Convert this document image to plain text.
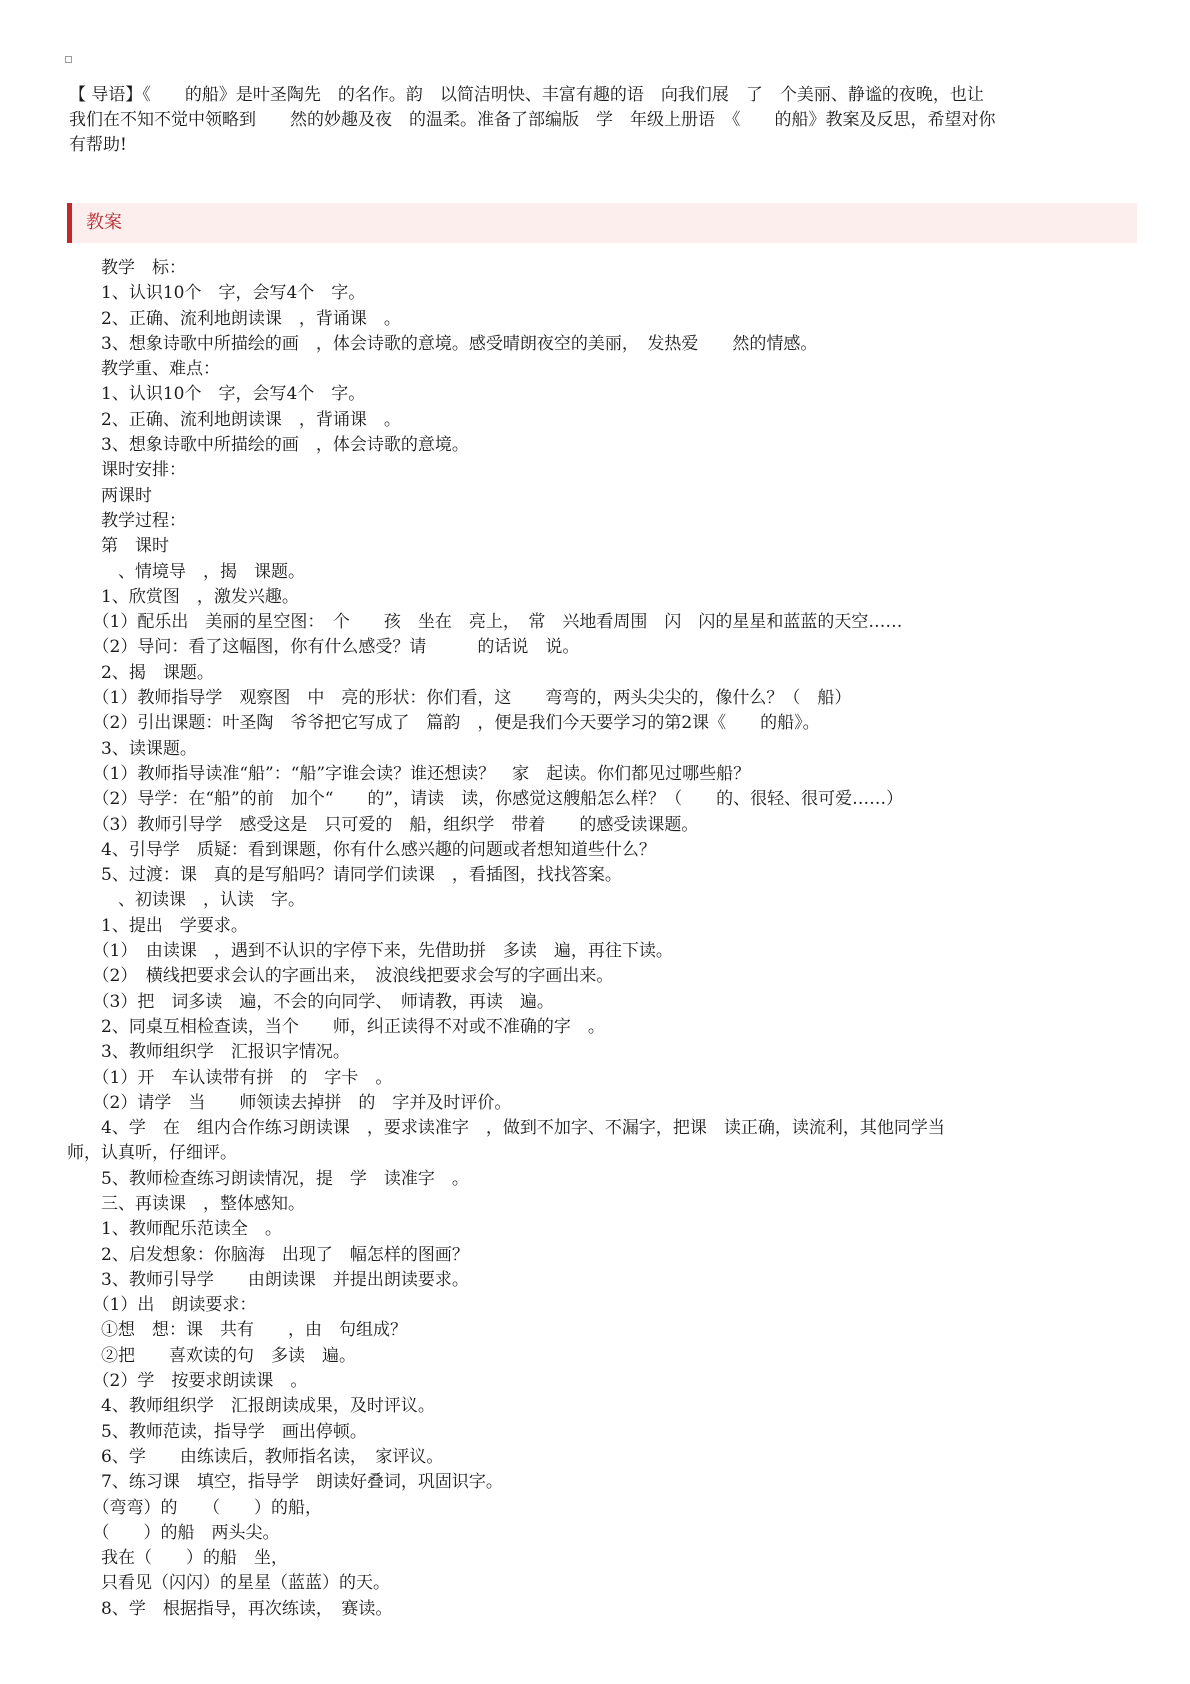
【 导语】《　　的船》是叶圣陶先　的名作。韵　以简洁明快、丰富有趣的语　向我们展　了　个美丽、静谧的夜晚，也让
我们在不知不觉中领略到　　然的妙趣及夜　的温柔。准备了部编版　学　年级上册语　《　　的船》教案及反思，希望对你
有帮助!

教案
　　教学　标：
　　1、认识10个　字，会写4个　字。
　　2、正确、流利地朗读课　，背诵课　。
　　3、想象诗歌中所描绘的画　，体会诗歌的意境。感受晴朗夜空的美丽，　发热爱　　然的情感。
　　教学重、难点：
　　1、认识10个　字，会写4个　字。
　　2、正确、流利地朗读课　，背诵课　。
　　3、想象诗歌中所描绘的画　，体会诗歌的意境。
　　课时安排：
　　两课时
　　教学过程：
　　第　课时
　　　、情境导　，揭　课题。
　　1、欣赏图　，激发兴趣。
　　（1）配乐出　美丽的星空图：　个　　孩　坐在　亮上，　常　兴地看周围　闪　闪的星星和蓝蓝的天空……
　　（2）导问：看了这幅图，你有什么感受？请　　　的话说　说。
　　2、揭　课题。
　　（1）教师指导学　观察图　中　亮的形状：你们看，这　　弯弯的，两头尖尖的，像什么？（　船）
　　（2）引出课题：叶圣陶　爷爷把它写成了　篇韵　，便是我们今天要学习的第2课《　　的船》。
　　3、读课题。
　　（1）教师指导读准“船”：“船”字谁会读？谁还想读？　家　起读。你们都见过哪些船？
　　（2）导学：在“船”的前　加个“　　的”，请读　读，你感觉这艘船怎么样？（　　的、很轻、很可爱……）
　　（3）教师引导学　感受这是　只可爱的　船，组织学　带着　　的感受读课题。
　　4、引导学　质疑：看到课题，你有什么感兴趣的问题或者想知道些什么？
　　5、过渡：课　真的是写船吗？请同学们读课　，看插图，找找答案。
　　　、初读课　，认读　字。
　　1、提出　学要求。
　　（1）　由读课　，遇到不认识的字停下来，先借助拼　多读　遍，再往下读。
　　（2）　横线把要求会认的字画出来，　波浪线把要求会写的字画出来。
　　（3）把　词多读　遍，不会的向同学、　师请教，再读　遍。
　　2、同桌互相检查读，当个　　师，纠正读得不对或不准确的字　。
　　3、教师组织学　汇报识字情况。
　　（1）开　车认读带有拼　的　字卡　。
　　（2）请学　当　　师领读去掉拼　的　字并及时评价。
　　4、学　在　组内合作练习朗读课　，要求读准字　，做到不加字、不漏字，把课　读正确，读流利，其他同学当
师，认真听，仔细评。
　　5、教师检查练习朗读情况，提　学　读准字　。
　　三、再读课　，整体感知。
　　1、教师配乐范读全　。
　　2、启发想象：你脑海　出现了　幅怎样的图画？
　　3、教师引导学　　由朗读课　并提出朗读要求。
　　（1）出　朗读要求：
　　①想　想：课　共有　　，由　句组成？
　　②把　　喜欢读的句　多读　遍。
　　（2）学　按要求朗读课　。
　　4、教师组织学　汇报朗读成果，及时评议。
　　5、教师范读，指导学　画出停顿。
　　6、学　　由练读后，教师指名读，　家评议。
　　7、练习课　填空，指导学　朗读好叠词，巩固识字。
　　（弯弯）的　　（　　）的船，
　　（　　）的船　两头尖。
　　我在（　　）的船　坐，
　　只看见（闪闪）的星星（蓝蓝）的天。
　　8、学　根据指导，再次练读，　赛读。
